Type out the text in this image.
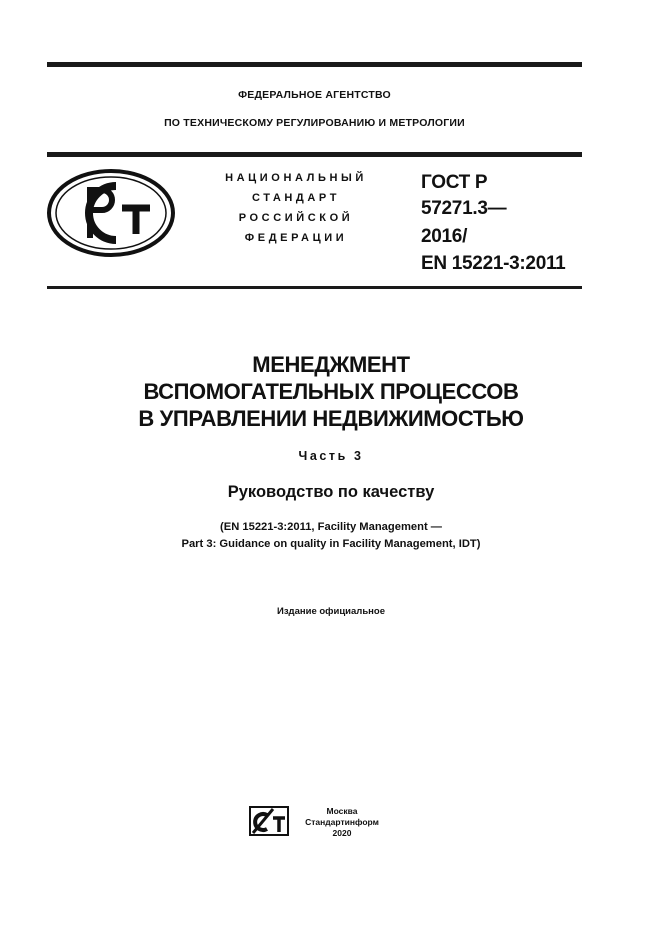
ФЕДЕРАЛЬНОЕ АГЕНТСТВО
ПО ТЕХНИЧЕСКОМУ РЕГУЛИРОВАНИЮ И МЕТРОЛОГИИ
НАЦИОНАЛЬНЫЙ
СТАНДАРТ
РОССИЙСКОЙ
ФЕДЕРАЦИИ
ГОСТ Р
57271.3—
2016/
EN 15221-3:2011
МЕНЕДЖМЕНТ
ВСПОМОГАТЕЛЬНЫХ ПРОЦЕССОВ
В УПРАВЛЕНИИ НЕДВИЖИМОСТЬЮ
Часть 3
Руководство по качеству
(EN 15221-3:2011, Facility Management —
Part 3: Guidance on quality in Facility Management, IDT)
Издание официальное
Москва
Стандартинформ
2020
